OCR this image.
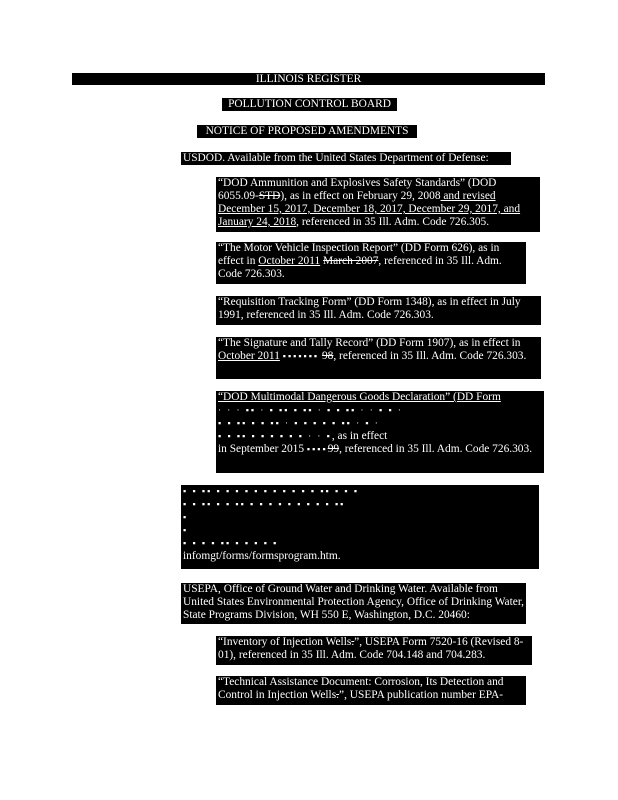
ILLINOIS REGISTER
POLLUTION CONTROL BOARD
NOTICE OF PROPOSED AMENDMENTS
USDOD. Available from the United States Department of Defense:
“DOD Ammunition and Explosives Safety Standards” (DOD 6055.09-STD), as in effect on February 29, 2008 and revised December 15, 2017, December 18, 2017, December 29, 2017, and January 24, 2018, referenced in 35 Ill. Adm. Code 726.305.
“The Motor Vehicle Inspection Report” (DD Form 626), as in effect in October 2011 March 2007, referenced in 35 Ill. Adm. Code 726.303.
“Requisition Tracking Form” (DD Form 1348), as in effect in July 1991, referenced in 35 Ill. Adm. Code 726.303.
“The Signature and Tally Record” (DD Form 1907), as in effect in October 2011 ▪▪▪▪▪▪▪ 98, referenced in 35 Ill. Adm. Code 726.303.
“DOD Multimodal Dangerous Goods Declaration” (DD Form
· · · ▪▪ · ▪ ▪▪ ▪ ▪▪ · ▪ ▪ ▪▪ · · ▪ ▪ ·
▪ ▪ ▪▪ ▪ ▪ ▪▪ · ▪ ▪ ▪ ▪ ▪ ▪▪ · ▪ ·
▪ ▪ ▪▪ ▪ ▪ ▪ ▪ ▪ ▪ · · ▪, as in effect
in September 2015 ▪▪▪▪99, referenced in 35 Ill. Adm. Code 726.303.
▪ ▪ ▪▪ ▪ ▪ ▪ ▪ ▪ ▪ ▪ ▪ ▪ ▪ ▪ ▪▪ ▪ ▪ ▪
▪ ▪ ▪▪ ▪ ▪ ▪▪ ▪ ▪ ▪ ▪ ▪ ▪ ▪ ▪ ▪ ▪▪
▪
▪
▪ ▪ ▪ ▪ ▪▪ ▪ ▪ ▪ ▪ ▪
infomgt/forms/formsprogram.htm.
USEPA, Office of Ground Water and Drinking Water. Available from United States Environmental Protection Agency, Office of Drinking Water, State Programs Division, WH 550 E, Washington, D.C. 20460:
“Inventory of Injection Wells.”, USEPA Form 7520-16 (Revised 8-01), referenced in 35 Ill. Adm. Code 704.148 and 704.283.
“Technical Assistance Document: Corrosion, Its Detection and Control in Injection Wells.”, USEPA publication number EPA-
